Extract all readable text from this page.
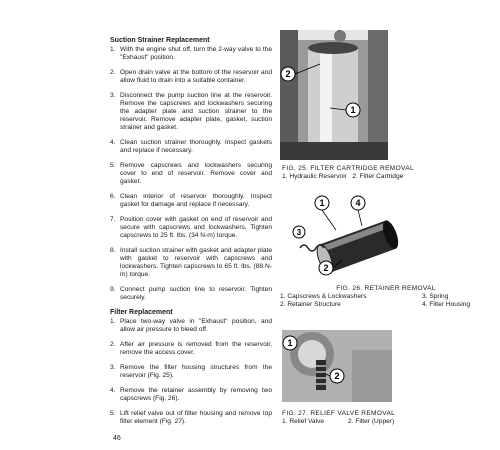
Suction Strainer Replacement
1. With the engine shut off, turn the 2-way valve to the "Exhaust" position.
2. Open drain valve at the bottom of the reservoir and allow fluid to drain into a suitable container.
3. Disconnect the pump suction line at the reservoir. Remove the capscrews and lockwashers securing the adapter plate and suction strainer to the reservoir. Remove adapter plate, gasket, suction strainer and gasket.
4. Clean suction strainer thoroughly. Inspect gaskets and replace if necessary.
5. Remove capscrews and lockwashers securing cover to end of reservoir. Remove cover and gasket.
6. Clean interior of reservoir thoroughly. Inspect gasket for damage and replace if necessary.
7. Position cover with gasket on end of reservoir and secure with capscrews and lockwashers. Tighten capscrews to 25 ft. lbs. (34 N-m) torque.
8. Install suction strainer with gasket and adapter plate with gasket to reservoir with capscrews and lockwashers. Tighten capscrews to 65 ft. lbs. (88 N-m) torque.
9. Connect pump suction line to reservoir. Tighten securely.
Filter Replacement
1. Place two-way valve in "Exhaust" position, and allow air pressure to bleed off.
2. After air pressure is removed from the reservoir, remove the access cover.
3. Remove the filter housing structures from the reservoir (Fig. 25).
4. Remove the retainer assembly by removing two capscrews (Fig. 26).
5. Lift relief valve out of filter housing and remove top filter element (Fig. 27).
46
2
1
FIG. 25. FILTER CARTRIDGE REMOVAL
1. Hydraulic Reservoir   2. Filter Cartridge
1	4
3
2
FIG. 26. RETAINER REMOVAL
1. Capscrews & Lockwashers	3. Spring
2. Retainer Structure	4. Filter Housing
1
2
FIG. 27. RELIEF VALVE REMOVAL
1. Relief Valve	2. Filter (Upper)
